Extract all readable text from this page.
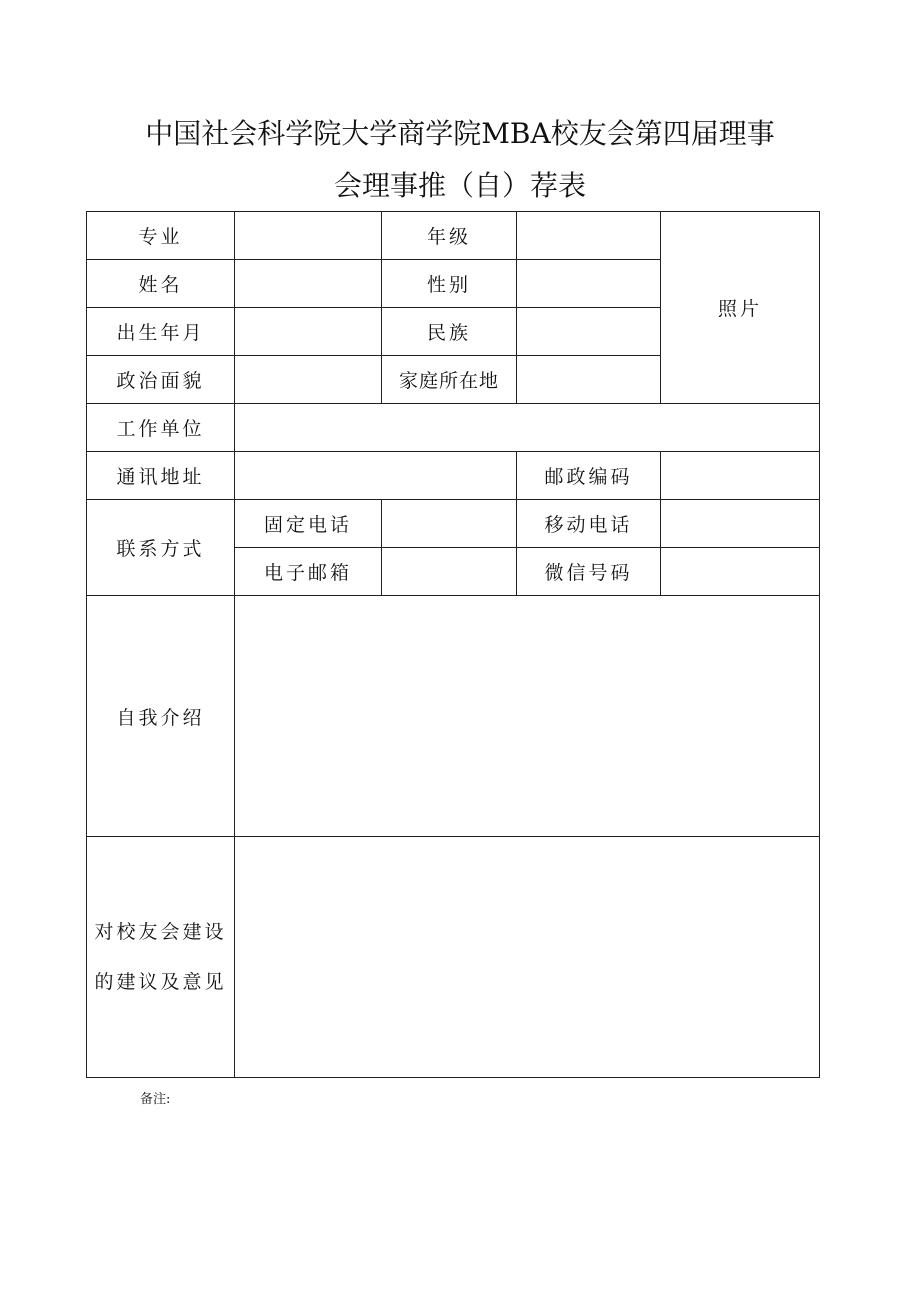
中国社会科学院大学商学院MBA校友会第四届理事
会理事推（自）荐表
专业		年级		照片
姓名		性别		
出生年月		民族		
政治面貌		家庭所在地		
工作单位				
通讯地址			邮政编码	
联系方式	固定电话		移动电话	
	电子邮箱		微信号码	
自我介绍				

对校友会建设
的建议及意见				

备注:
